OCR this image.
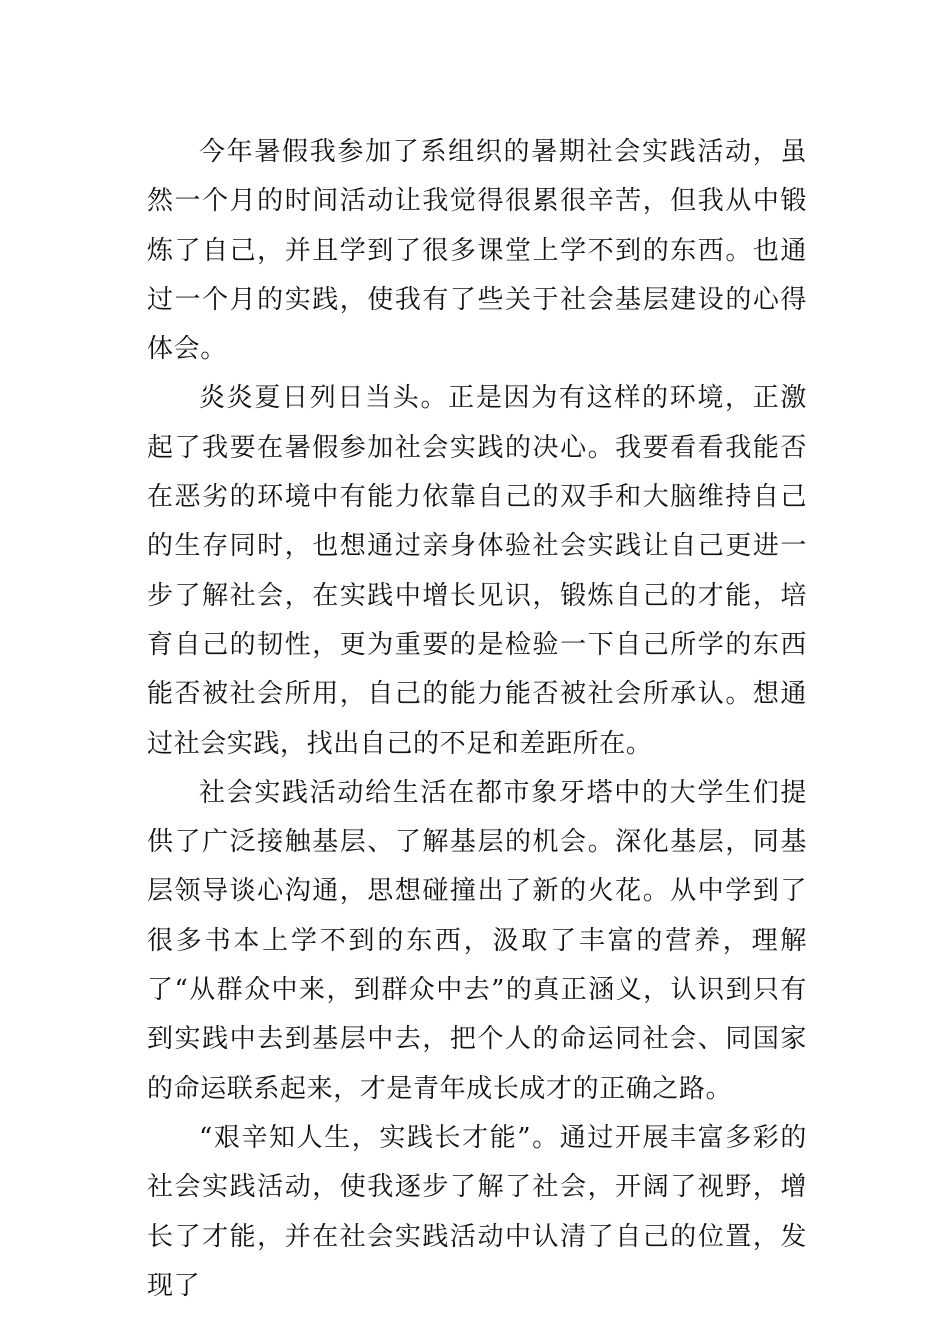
今年暑假我参加了系组织的暑期社会实践活动，虽然一个月的时间活动让我觉得很累很辛苦，但我从中锻炼了自己，并且学到了很多课堂上学不到的东西。也通过一个月的实践，使我有了些关于社会基层建设的心得体会。

炎炎夏日列日当头。正是因为有这样的环境，正激起了我要在暑假参加社会实践的决心。我要看看我能否在恶劣的环境中有能力依靠自己的双手和大脑维持自己的生存同时，也想通过亲身体验社会实践让自己更进一步了解社会，在实践中增长见识，锻炼自己的才能，培育自己的韧性，更为重要的是检验一下自己所学的东西能否被社会所用，自己的能力能否被社会所承认。想通过社会实践，找出自己的不足和差距所在。

社会实践活动给生活在都市象牙塔中的大学生们提供了广泛接触基层、了解基层的机会。深化基层，同基层领导谈心沟通，思想碰撞出了新的火花。从中学到了很多书本上学不到的东西，汲取了丰富的营养，理解了“从群众中来，到群众中去”的真正涵义，认识到只有到实践中去到基层中去，把个人的命运同社会、同国家的命运联系起来，才是青年成长成才的正确之路。

“艰辛知人生，实践长才能”。通过开展丰富多彩的社会实践活动，使我逐步了解了社会，开阔了视野，增长了才能，并在社会实践活动中认清了自己的位置，发现了
